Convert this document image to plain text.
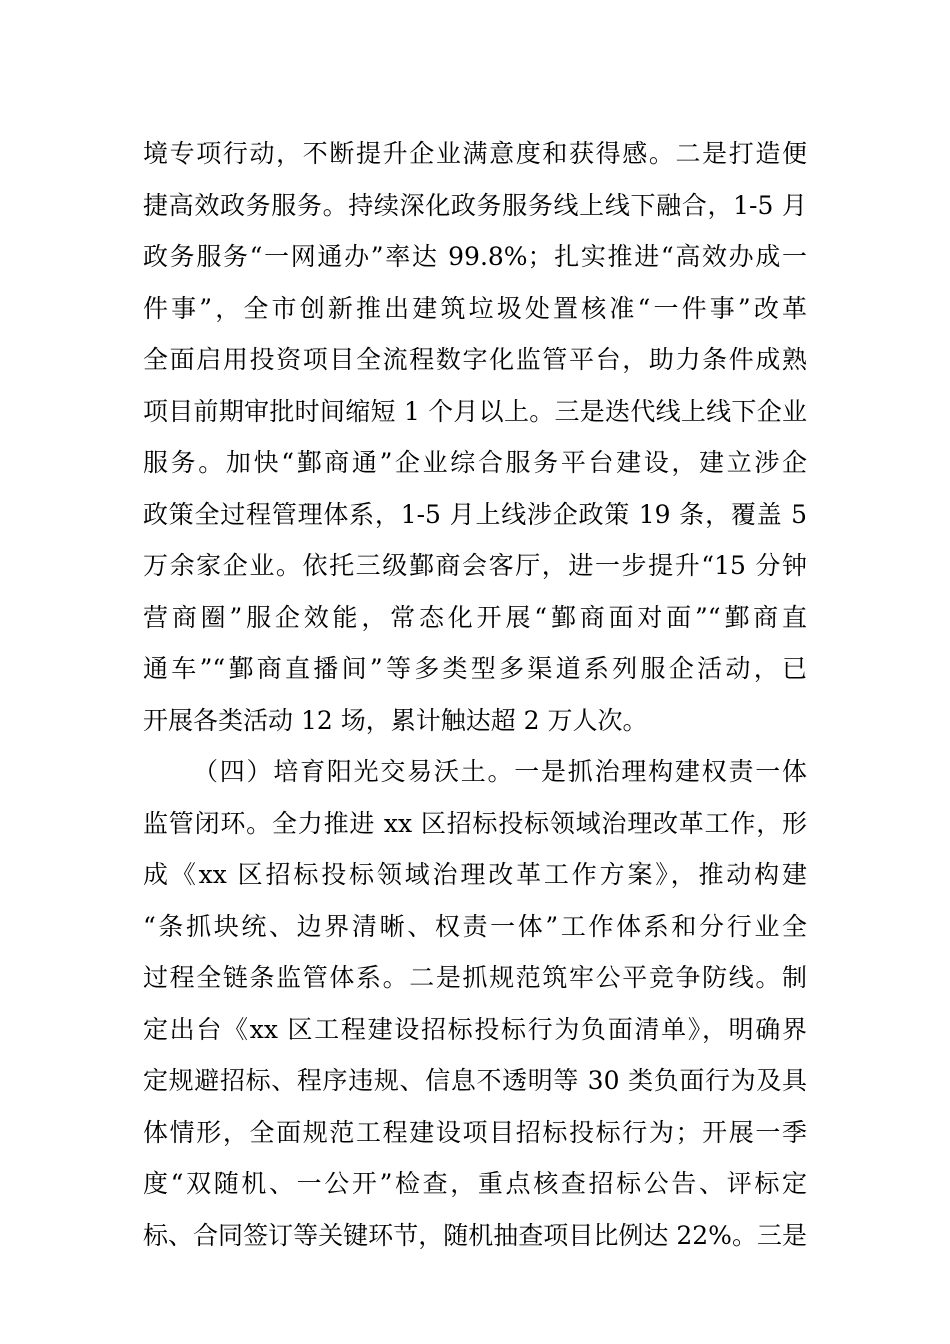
境专项行动，不断提升企业满意度和获得感。二是打造便
捷高效政务服务。持续深化政务服务线上线下融合，1-5 月
政务服务“一网通办”率达 99.8%；扎实推进“高效办成一
件事”，全市创新推出建筑垃圾处置核准“一件事”改革
全面启用投资项目全流程数字化监管平台，助力条件成熟
项目前期审批时间缩短 1 个月以上。三是迭代线上线下企业
服务。加快“鄞商通”企业综合服务平台建设，建立涉企
政策全过程管理体系，1-5 月上线涉企政策 19 条，覆盖 5
万余家企业。依托三级鄞商会客厅，进一步提升“15 分钟
营商圈”服企效能，常态化开展“鄞商面对面”“鄞商直
通车”“鄞商直播间”等多类型多渠道系列服企活动，已
开展各类活动 12 场，累计触达超 2 万人次。
（四）培育阳光交易沃土。一是抓治理构建权责一体
监管闭环。全力推进 xx 区招标投标领域治理改革工作，形
成《xx 区招标投标领域治理改革工作方案》，推动构建
“条抓块统、边界清晰、权责一体”工作体系和分行业全
过程全链条监管体系。二是抓规范筑牢公平竞争防线。制
定出台《xx 区工程建设招标投标行为负面清单》，明确界
定规避招标、程序违规、信息不透明等 30 类负面行为及具
体情形，全面规范工程建设项目招标投标行为；开展一季
度“双随机、一公开”检查，重点核查招标公告、评标定
标、合同签订等关键环节，随机抽查项目比例达 22%。三是
